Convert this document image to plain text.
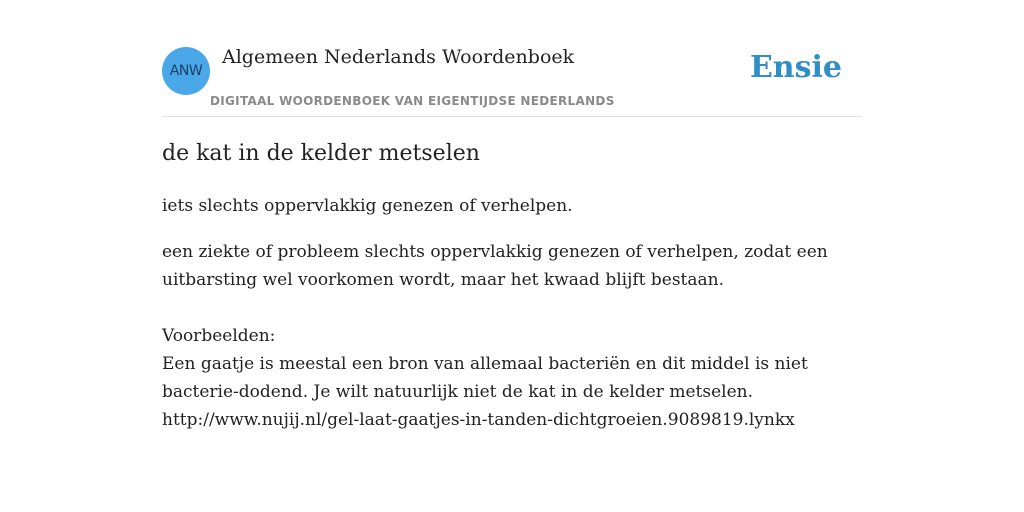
ANW
Algemeen Nederlands Woordenboek
DIGITAAL WOORDENBOEK VAN EIGENTIJDSE NEDERLANDS
Ensie
de kat in de kelder metselen

iets slechts oppervlakkig genezen of verhelpen.

een ziekte of probleem slechts oppervlakkig genezen of verhelpen, zodat een uitbarsting wel voorkomen wordt, maar het kwaad blijft bestaan.

Voorbeelden:
Een gaatje is meestal een bron van allemaal bacteriën en dit middel is niet bacterie-dodend. Je wilt natuurlijk niet de kat in de kelder metselen.
http://www.nujij.nl/gel-laat-gaatjes-in-tanden-dichtgroeien.9089819.lynkx
